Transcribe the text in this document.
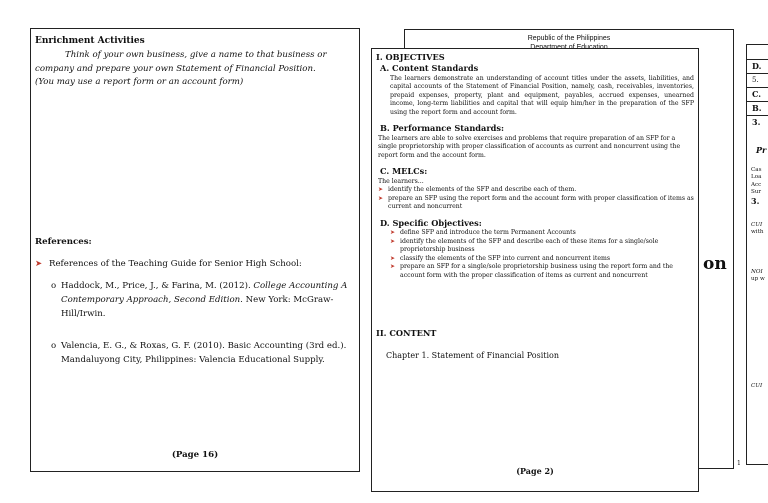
Republic of the Philippines
on
Enrichment Activities
Think of your own business, give a name to that business or
company and prepare your own Statement of Financial Position.
(You may use a report form or an account form)
References:
➤ References of the Teaching Guide for Senior High School:
o Haddock, M., Price, J., & Farina, M. (2012). College Accounting A Contemporary Approach, Second Edition. New York: McGraw-Hill/Irwin.
o Valencia, E. G., & Roxas, G. F. (2010). Basic Accounting (3rd ed.). Mandaluyong City, Philippines: Valencia Educational Supply.
(Page 16)
I. OBJECTIVES
A. Content Standards
The learners demonstrate an understanding of account titles under the assets, liabilities, and capital accounts of the Statement of Financial Position, namely, cash, receivables, inventories, prepaid expenses, property, plant and equipment, payables, accrued expenses, unearned income, long-term liabilities and capital that will equip him/her in the preparation of the SFP using the report form and account form.
B. Performance Standards:
The learners are able to solve exercises and problems that require preparation of an SFP for a single proprietorship with proper classification of accounts as current and noncurrent using the report form and the account form.
C. MELCs:
The learners...
➤ identify the elements of the SFP and describe each of them.
➤ prepare an SFP using the report form and the account form with proper classification of items as current and noncurrent
D. Specific Objectives:
➤ define SFP and introduce the term Permanent Accounts
➤ identify the elements of the SFP and describe each of these items for a single/sole proprietorship business
➤ classify the elements of the SFP into current and noncurrent items
➤ prepare an SFP for a single/sole proprietorship business using the report form and the account form with the proper classification of items as current and noncurrent
II. CONTENT
Chapter 1. Statement of Financial Position
(Page 2)
D.
5.
C.
B.
3.
Pr
Cas
Loa
Acc
Sur
3.
CUI
with
NOI
up w
CUI
1
